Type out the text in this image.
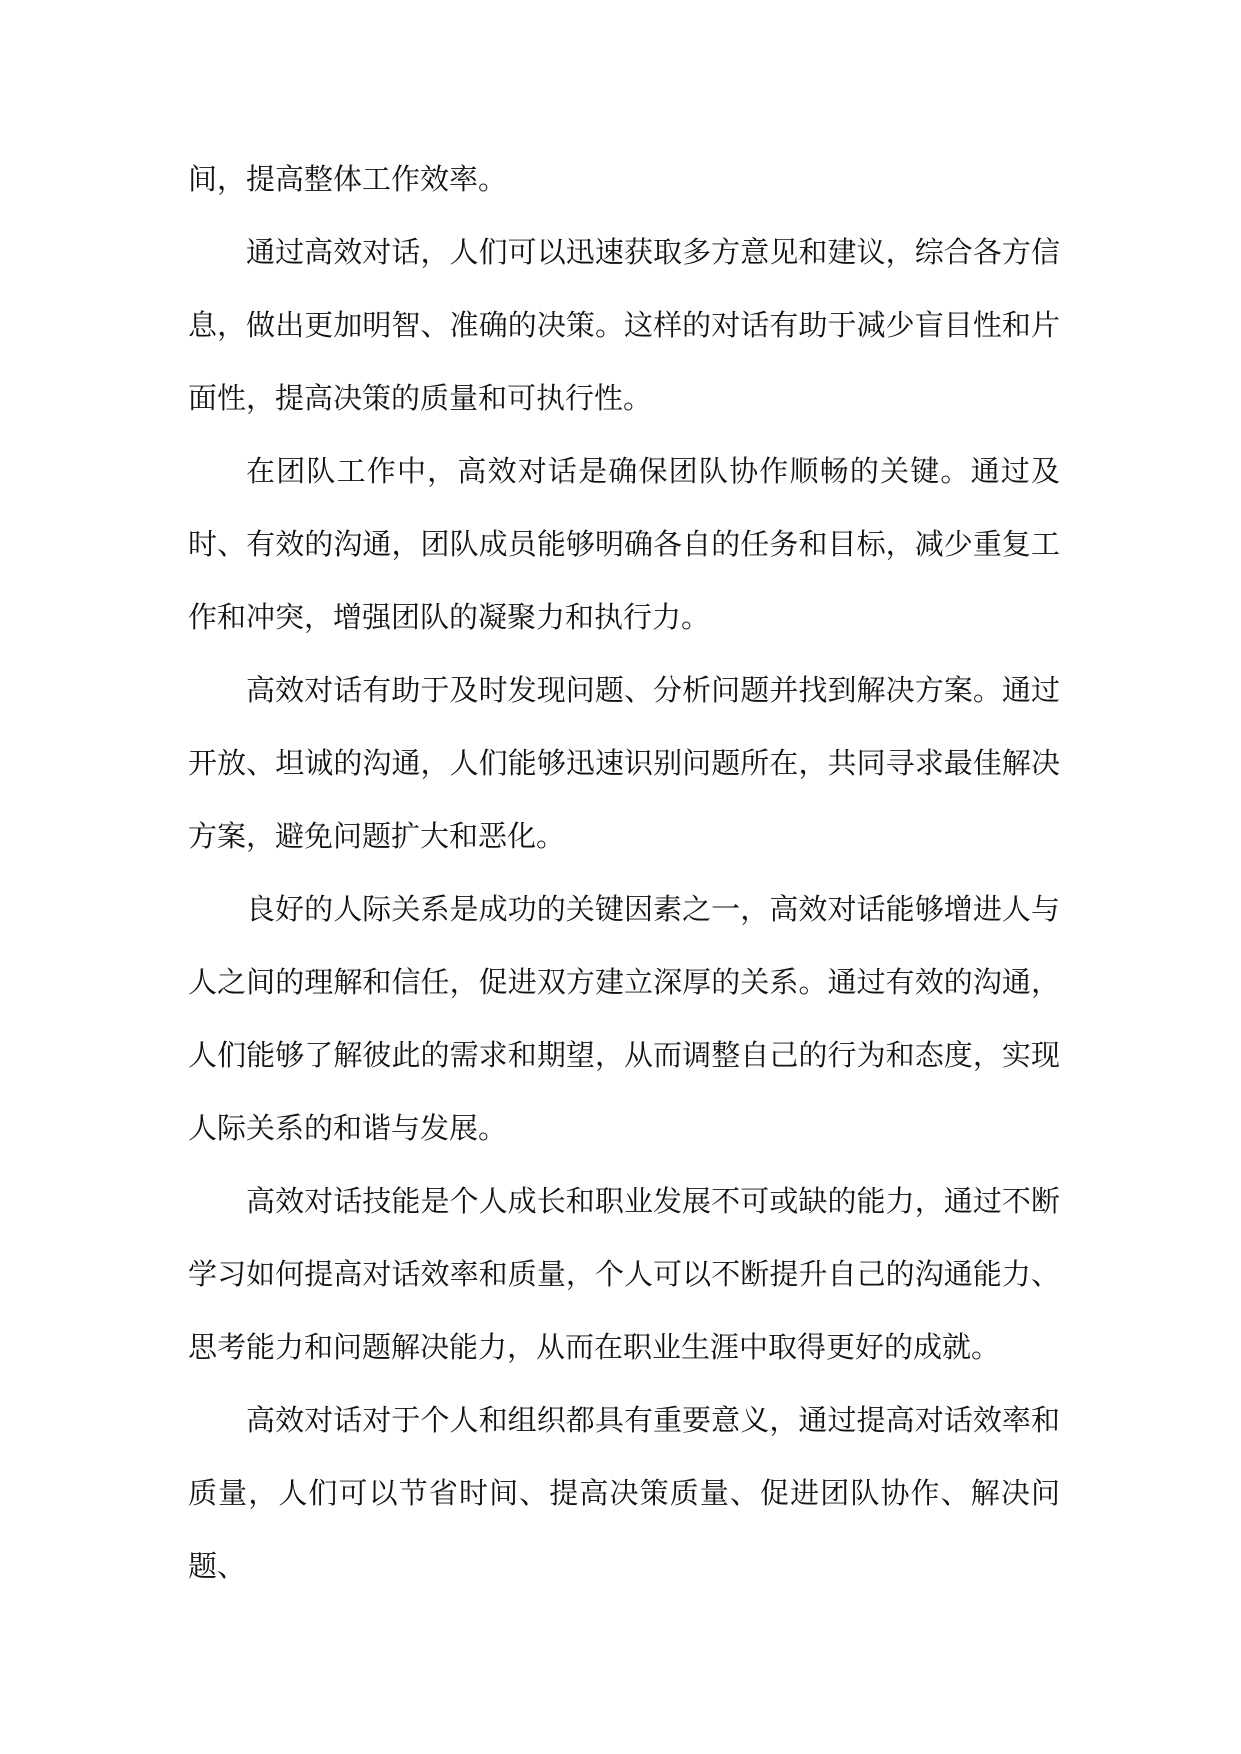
间，提高整体工作效率。

通过高效对话，人们可以迅速获取多方意见和建议，综合各方信息，做出更加明智、准确的决策。这样的对话有助于减少盲目性和片面性，提高决策的质量和可执行性。

在团队工作中，高效对话是确保团队协作顺畅的关键。通过及时、有效的沟通，团队成员能够明确各自的任务和目标，减少重复工作和冲突，增强团队的凝聚力和执行力。

高效对话有助于及时发现问题、分析问题并找到解决方案。通过开放、坦诚的沟通，人们能够迅速识别问题所在，共同寻求最佳解决方案，避免问题扩大和恶化。

良好的人际关系是成功的关键因素之一，高效对话能够增进人与人之间的理解和信任，促进双方建立深厚的关系。通过有效的沟通，人们能够了解彼此的需求和期望，从而调整自己的行为和态度，实现人际关系的和谐与发展。

高效对话技能是个人成长和职业发展不可或缺的能力，通过不断学习如何提高对话效率和质量，个人可以不断提升自己的沟通能力、思考能力和问题解决能力，从而在职业生涯中取得更好的成就。

高效对话对于个人和组织都具有重要意义，通过提高对话效率和质量，人们可以节省时间、提高决策质量、促进团队协作、解决问题、
